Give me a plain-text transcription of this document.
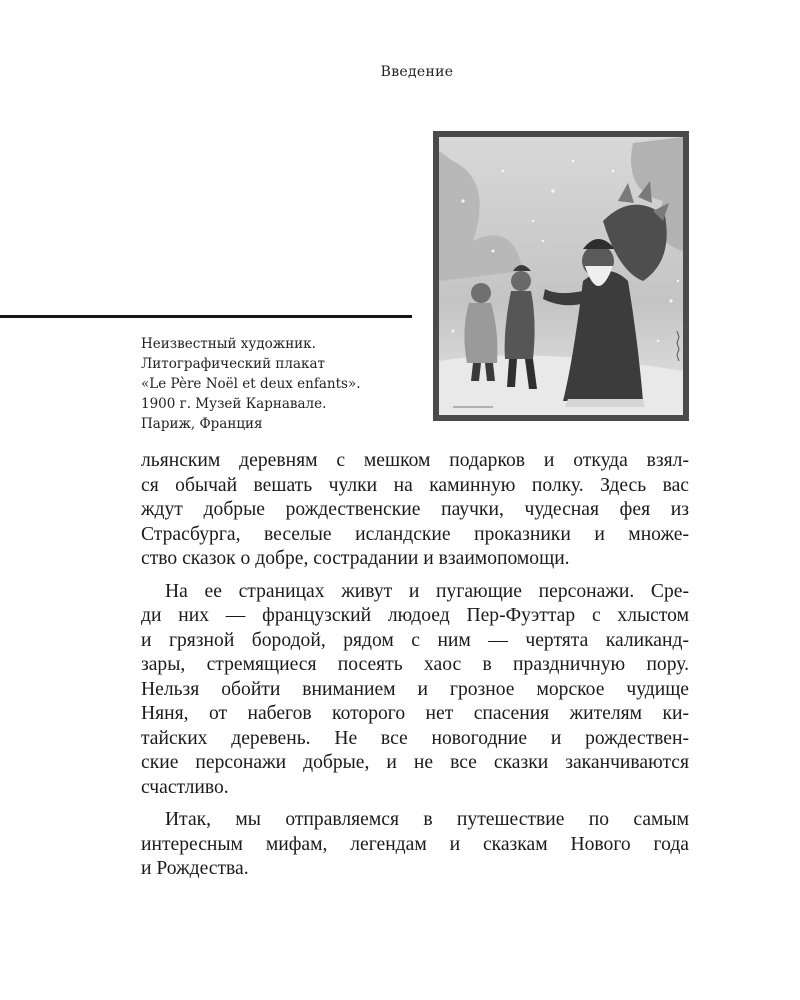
Введение
Неизвестный художник.
Литографический плакат
«Le Père Noël et deux enfants».
1900 г. Музей Карнавале.
Париж, Франция

льянским деревням с мешком подарков и откуда взял-
ся обычай вешать чулки на каминную полку. Здесь вас
ждут добрые рождественские паучки, чудесная фея из
Страсбурга, веселые исландские проказники и множе-
ство сказок о добре, сострадании и взаимопомощи.

На ее страницах живут и пугающие персонажи. Сре-
ди них — французский людоед Пер-Фуэттар с хлыстом
и грязной бородой, рядом с ним — чертята каликанд-
зары, стремящиеся посеять хаос в праздничную пору.
Нельзя обойти вниманием и грозное морское чудище
Няня, от набегов которого нет спасения жителям ки-
тайских деревень. Не все новогодние и рождествен-
ские персонажи добрые, и не все сказки заканчиваются
счастливо.

Итак, мы отправляемся в путешествие по самым
интересным мифам, легендам и сказкам Нового года
и Рождества.
